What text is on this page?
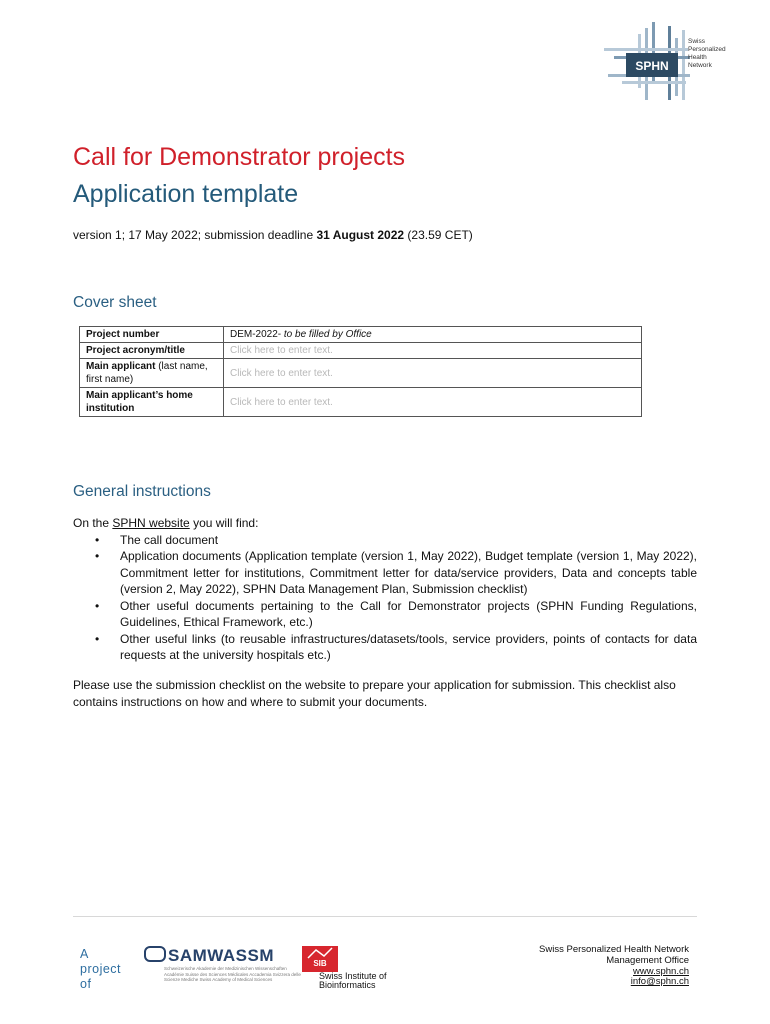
SPHN
Swiss
Personalized
Health
Network
Call for Demonstrator projects
Application template
version 1; 17 May 2022; submission deadline 31 August 2022 (23.59 CET)
Cover sheet
Project number	DEM-2022- to be filled by Office
Project acronym/title	Click here to enter text.
Main applicant (last name, first name)	Click here to enter text.
Main applicant’s home institution	Click here to enter text.
General instructions

On the SPHN website you will find:

• The call document
• Application documents (Application template (version 1, May 2022), Budget template (version 1, May 2022), Commitment letter for institutions, Commitment letter for data/service providers, Data and concepts table (version 2, May 2022), SPHN Data Management Plan, Submission checklist)
• Other useful documents pertaining to the Call for Demonstrator projects (SPHN Funding Regulations, Guidelines, Ethical Framework, etc.)
• Other useful links (to reusable infrastructures/datasets/tools, service providers, points of contacts for data requests at the university hospitals etc.)
Please use the submission checklist on the website to prepare your application for submission. This checklist also contains instructions on how and where to submit your documents.
A
project
of
SAMWASSM
Schweizerische Akademie der Medizinischen Wissenschaften Académie Suisse des Sciences Médicales Accademia Svizzera delle Scienze Mediche Swiss Academy of Medical Sciences
SIB
Swiss Institute of
Bioinformatics
Swiss Personalized Health Network
Management Office
www.sphn.ch
info@sphn.ch
